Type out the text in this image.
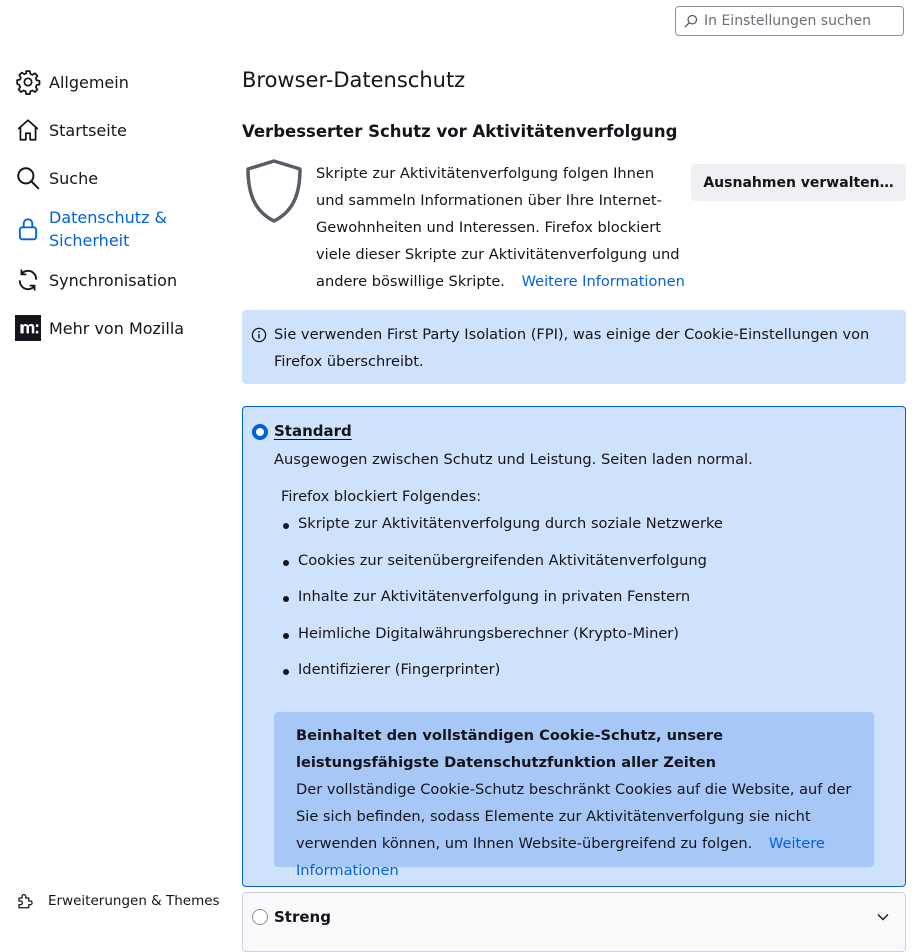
In Einstellungen suchen
Allgemein
Startseite
Suche
Datenschutz & Sicherheit
Synchronisation
Mehr von Mozilla
Erweiterungen & Themes
Browser-Datenschutz
Verbesserter Schutz vor Aktivitätenverfolgung
Skripte zur Aktivitätenverfolgung folgen Ihnen und sammeln Informationen über Ihre Internet-Gewohnheiten und Interessen. Firefox blockiert viele dieser Skripte zur Aktivitätenverfolgung und andere böswillige Skripte. Weitere Informationen
Ausnahmen verwalten…
Sie verwenden First Party Isolation (FPI), was einige der Cookie-Einstellungen von Firefox überschreibt.
Standard
Ausgewogen zwischen Schutz und Leistung. Seiten laden normal.
Firefox blockiert Folgendes:
Skripte zur Aktivitätenverfolgung durch soziale Netzwerke
Cookies zur seitenübergreifenden Aktivitätenverfolgung
Inhalte zur Aktivitätenverfolgung in privaten Fenstern
Heimliche Digitalwährungsberechner (Krypto-Miner)
Identifizierer (Fingerprinter)
Beinhaltet den vollständigen Cookie-Schutz, unsere leistungsfähigste Datenschutzfunktion aller Zeiten
Der vollständige Cookie-Schutz beschränkt Cookies auf die Website, auf der Sie sich befinden, sodass Elemente zur Aktivitätenverfolgung sie nicht verwenden können, um Ihnen Website-übergreifend zu folgen. Weitere Informationen
Streng
